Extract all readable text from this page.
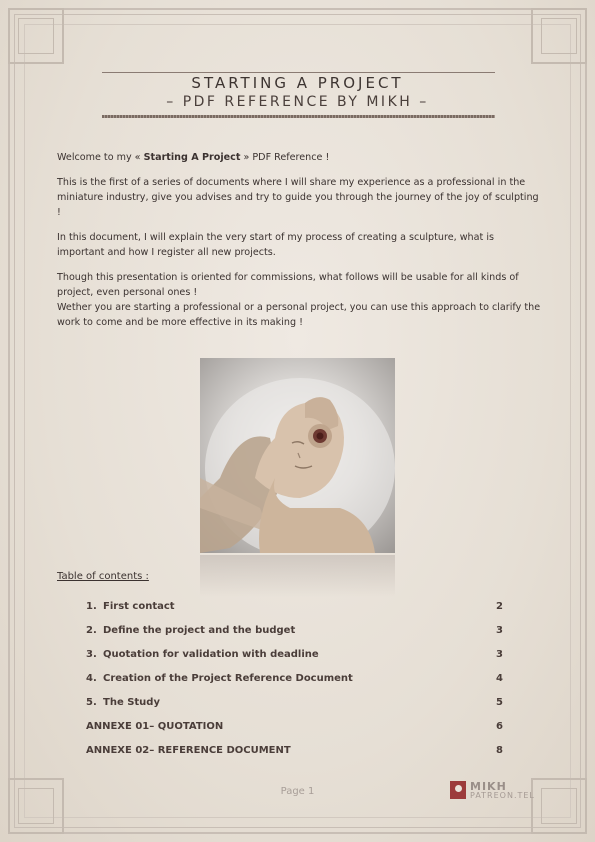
STARTING A PROJECT
– PDF REFERENCE BY MIKH –

Welcome to my « Starting A Project » PDF Reference !

This is the first of a series of documents where I will share my experience as a professional in the miniature industry, give you advises and try to guide you through the journey of the joy of sculpting !

In this document, I will explain the very start of my process of creating a sculpture, what is important and how I register all new projects.

Though this presentation is oriented for commissions, what follows will be usable for all kinds of project, even personal ones !

Wether you are starting a professional or a personal project, you can use this approach to clarify the work to come and be more effective in its making !

Table of contents :
1. First contact	2
2. Define the project and the budget	3
3. Quotation for validation with deadline	3
4. Creation of the Project Reference Document	4
5. The Study	5
ANNEXE 01– QUOTATION	6
ANNEXE 02– REFERENCE DOCUMENT	8
Page 1	MIKH
PATREON.TEL
